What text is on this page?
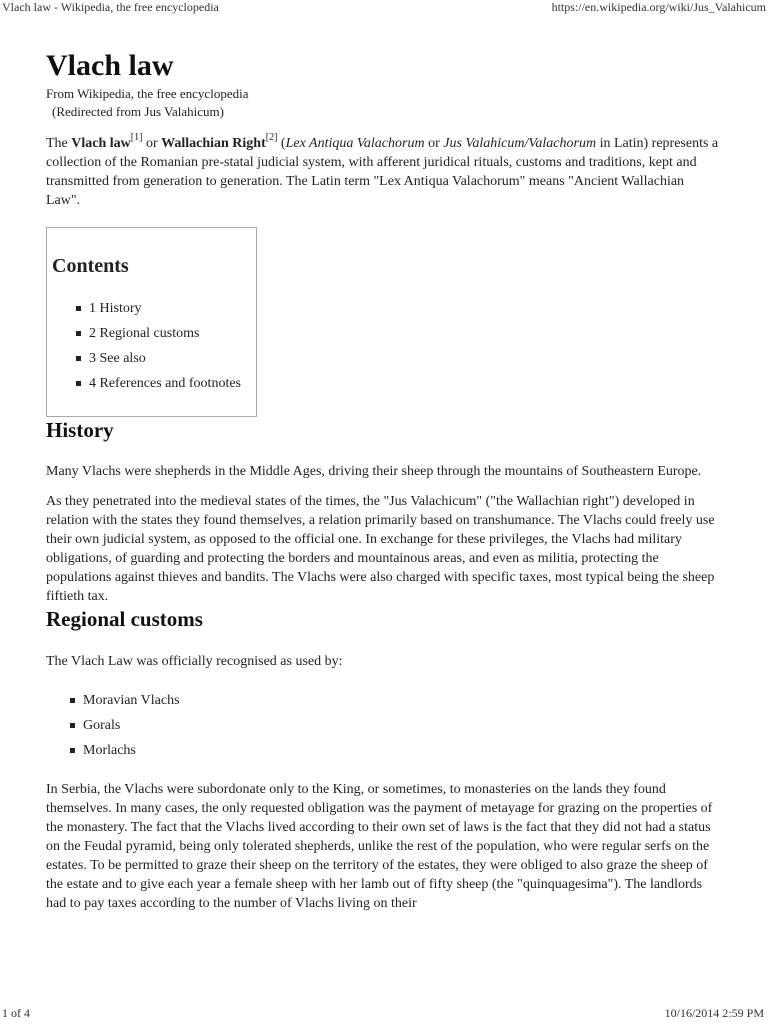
Vlach law - Wikipedia, the free encyclopedia	https://en.wikipedia.org/wiki/Jus_Valahicum
Vlach law
From Wikipedia, the free encyclopedia
(Redirected from Jus Valahicum)

The Vlach law[1] or Wallachian Right[2] (Lex Antiqua Valachorum or Jus Valahicum/Valachorum in Latin) represents a collection of the Romanian pre-statal judicial system, with afferent juridical rituals, customs and traditions, kept and transmitted from generation to generation. The Latin term "Lex Antiqua Valachorum" means "Ancient Wallachian Law".

Contents
1 History
2 Regional customs
3 See also
4 References and footnotes
History

Many Vlachs were shepherds in the Middle Ages, driving their sheep through the mountains of Southeastern Europe.

As they penetrated into the medieval states of the times, the "Jus Valachicum" ("the Wallachian right") developed in relation with the states they found themselves, a relation primarily based on transhumance. The Vlachs could freely use their own judicial system, as opposed to the official one. In exchange for these privileges, the Vlachs had military obligations, of guarding and protecting the borders and mountainous areas, and even as militia, protecting the populations against thieves and bandits. The Vlachs were also charged with specific taxes, most typical being the sheep fiftieth tax.

Regional customs

The Vlach Law was officially recognised as used by:

Moravian Vlachs
Gorals
Morlachs

In Serbia, the Vlachs were subordonate only to the King, or sometimes, to monasteries on the lands they found themselves. In many cases, the only requested obligation was the payment of metayage for grazing on the properties of the monastery. The fact that the Vlachs lived according to their own set of laws is the fact that they did not had a status on the Feudal pyramid, being only tolerated shepherds, unlike the rest of the population, who were regular serfs on the estates. To be permitted to graze their sheep on the territory of the estates, they were obliged to also graze the sheep of the estate and to give each year a female sheep with her lamb out of fifty sheep (the "quinquagesima"). The landlords had to pay taxes according to the number of Vlachs living on their

1 of 4	10/16/2014 2:59 PM
